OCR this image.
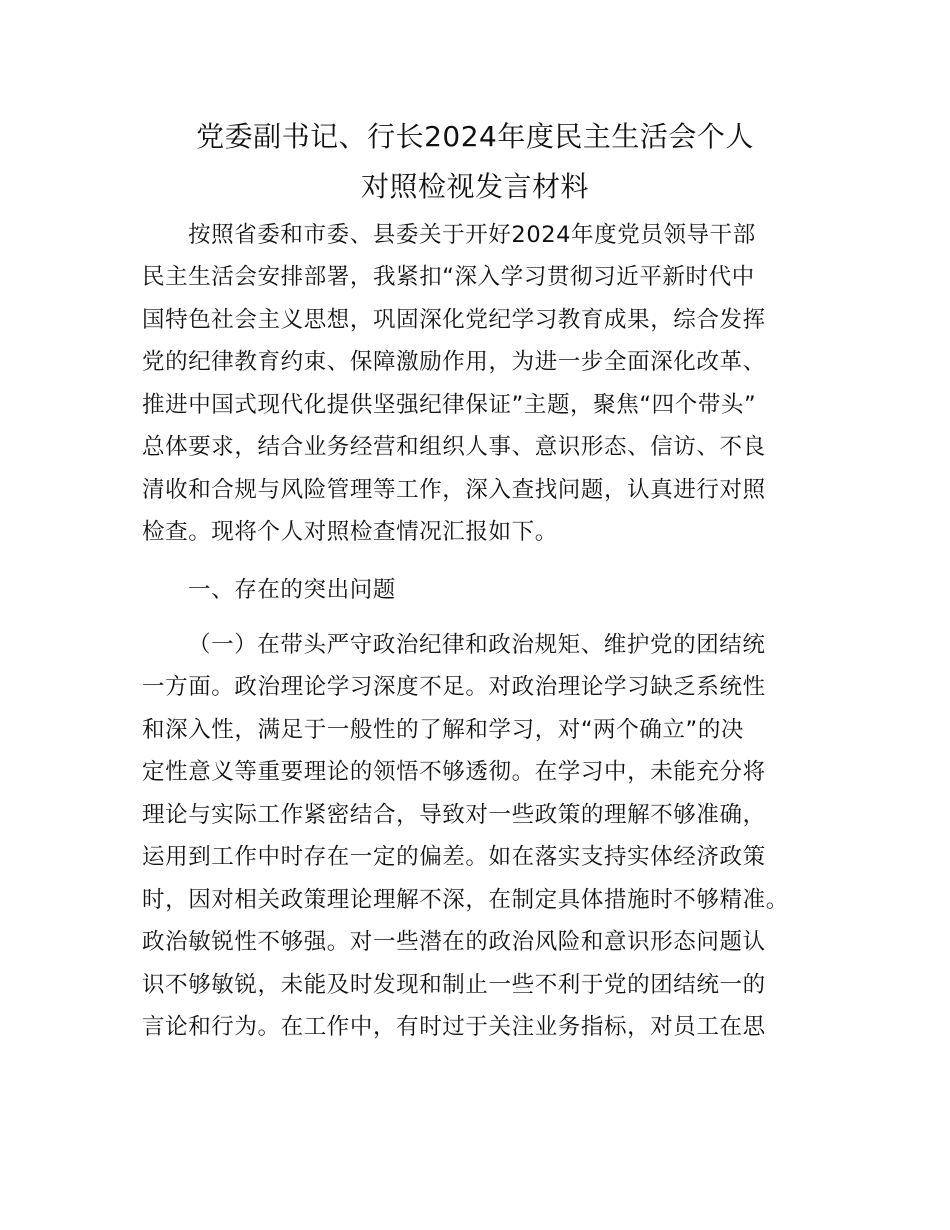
党委副书记、行长2024年度民主生活会个人
对照检视发言材料
按照省委和市委、县委关于开好2024年度党员领导干部
民主生活会安排部署，我紧扣“深入学习贯彻习近平新时代中
国特色社会主义思想，巩固深化党纪学习教育成果，综合发挥
党的纪律教育约束、保障激励作用，为进一步全面深化改革、
推进中国式现代化提供坚强纪律保证”主题，聚焦“四个带头”
总体要求，结合业务经营和组织人事、意识形态、信访、不良
清收和合规与风险管理等工作，深入查找问题，认真进行对照
检查。现将个人对照检查情况汇报如下。
一、存在的突出问题
（一）在带头严守政治纪律和政治规矩、维护党的团结统
一方面。政治理论学习深度不足。对政治理论学习缺乏系统性
和深入性，满足于一般性的了解和学习，对“两个确立”的决
定性意义等重要理论的领悟不够透彻。在学习中，未能充分将
理论与实际工作紧密结合，导致对一些政策的理解不够准确，
运用到工作中时存在一定的偏差。如在落实支持实体经济政策
时，因对相关政策理论理解不深，在制定具体措施时不够精准。
政治敏锐性不够强。对一些潜在的政治风险和意识形态问题认
识不够敏锐，未能及时发现和制止一些不利于党的团结统一的
言论和行为。在工作中，有时过于关注业务指标，对员工在思
